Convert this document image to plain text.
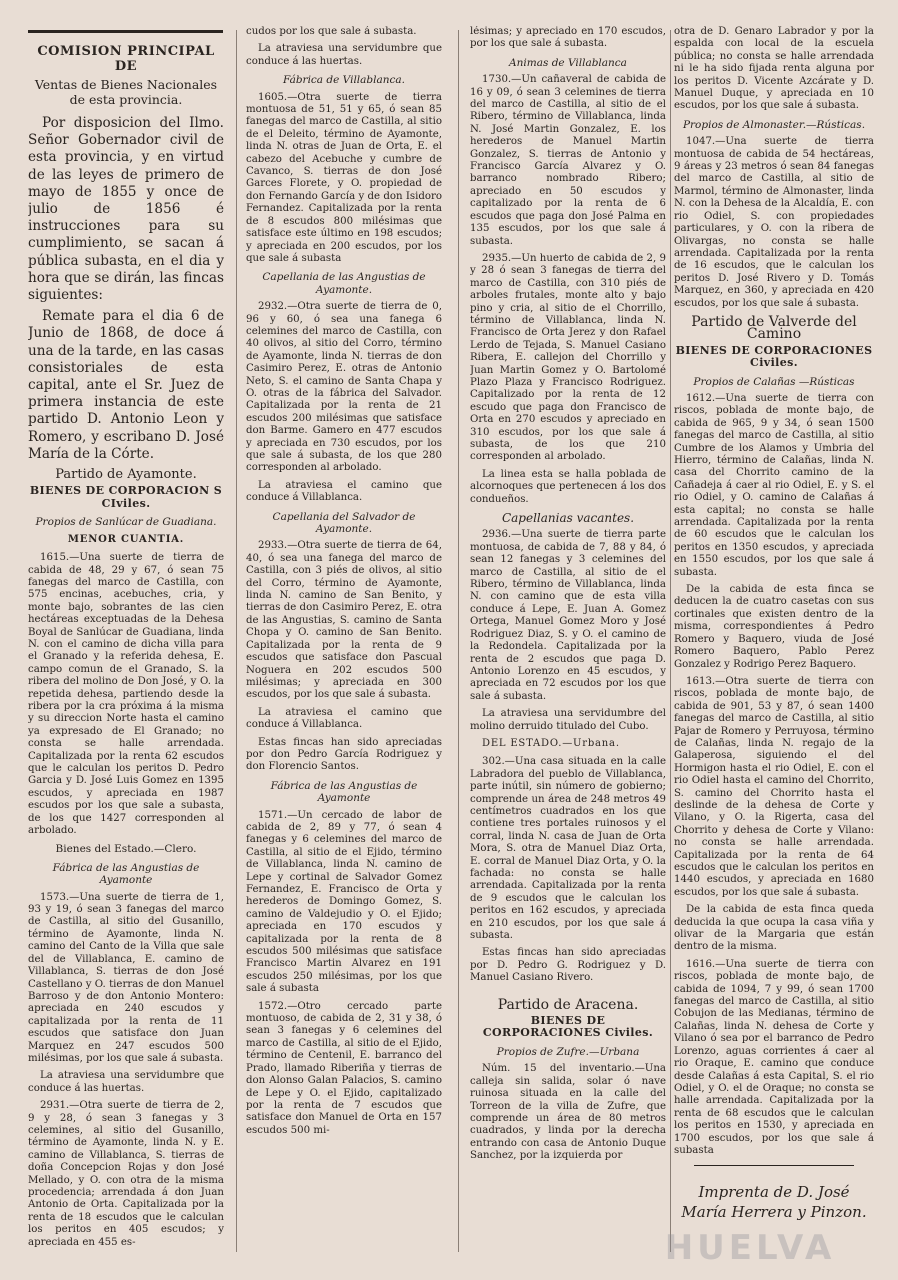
COMISION PRINCIPAL DE
Ventas de Bienes Nacionales de esta provincia.

Por disposicion del Ilmo. Señor Gobernador civil de esta provincia, y en virtud de las leyes de primero de mayo de 1855 y once de julio de 1856 é instrucciones para su cumplimiento, se sacan á pública subasta, en el dia y hora que se dirán, las fincas siguientes:

Remate para el dia 6 de Junio de 1868, de doce á una de la tarde, en las casas consistoriales de esta capital, ante el Sr. Juez de primera instancia de este partido D. Antonio Leon y Romero, y escribano D. José María de la Córte.

Partido de Ayamonte.
BIENES DE CORPORACION S CIviles.
Propios de Sanlúcar de Guadiana.
MENOR CUANTIA.

1615.—Una suerte de tierra de cabida de 48, 29 y 67, ó sean 75 fanegas del marco de Castilla, con 575 encinas, acebuches, cria, y monte bajo, sobrantes de las cien hectáreas exceptuadas de la Dehesa Boyal de Sanlúcar de Guadiana, linda N. con el camino de dicha villa para el Granado y la referida dehesa, E. campo comun de el Granado, S. la ribera del molino de Don José, y O. la repetida dehesa, partiendo desde la ribera por la cra próxima á la misma y su direccion Norte hasta el camino ya expresado de El Granado; no consta se halle arrendada. Capitalizada por la renta 62 escudos que le calculan los peritos D. Pedro Garcia y D. José Luis Gomez en 1395 escudos, y apreciada en 1987 escudos por los que sale a subasta, de los que 1427 corresponden al arbolado.

Bienes del Estado.—Clero.
Fábrica de las Angustias de Ayamonte

1573.—Una suerte de tierra de 1, 93 y 19, ó sean 3 fanegas del marco de Castilla, al sitio del Gusanillo, término de Ayamonte, linda N. camino del Canto de la Villa que sale del de Villablanca, E. camino de Villablanca, S. tierras de don José Castellano y O. tierras de don Manuel Barroso y de don Antonio Montero: apreciada en 240 escudos y capitalizada por la renta de 11 escudos que satisface don Juan Marquez en 247 escudos 500 milésimas, por los que sale á subasta.

La atraviesa una servidumbre que conduce á las huertas.

2931.—Otra suerte de tierra de 2, 9 y 28, ó sean 3 fanegas y 3 celemines, al sitio del Gusanillo, término de Ayamonte, linda N. y E. camino de Villablanca, S. tierras de doña Concepcion Rojas y don José Mellado, y O. con otra de la misma procedencia; arrendada á don Juan Antonio de Orta. Capitalizada por la renta de 18 escudos que le calculan los peritos en 405 escudos; y apreciada en 455 es-

cudos por los que sale á subasta.

La atraviesa una servidumbre que conduce á las huertas.

Fábrica de Villablanca.

1605.—Otra suerte de tierra montuosa de 51, 51 y 65, ó sean 85 fanegas del marco de Castilla, al sitio de el Deleito, término de Ayamonte, linda N. otras de Juan de Orta, E. el cabezo del Acebuche y cumbre de Cavanco, S. tierras de don José Garces Florete, y O. propiedad de don Fernando García y de don Isidoro Fernandez. Capitalizada por la renta de 8 escudos 800 milésimas que satisface este último en 198 escudos; y apreciada en 200 escudos, por los que sale á subasta

Capellania de las Angustias de Ayamonte.

2932.—Otra suerte de tierra de 0, 96 y 60, ó sea una fanega 6 celemines del marco de Castilla, con 40 olivos, al sitio del Corro, término de Ayamonte, linda N. tierras de don Casimiro Perez, E. otras de Antonio Neto, S. el camino de Santa Chapa y O. otras de la fábrica del Salvador. Capitalizada por la renta de 21 escudos 200 milésimas que satisface don Barme. Gamero en 477 escudos y apreciada en 730 escudos, por los que sale á subasta, de los que 280 corresponden al arbolado.

La atraviesa el camino que conduce á Villablanca.

Capellania del Salvador de Ayamonte.

2933.—Otra suerte de tierra de 64, 40, ó sea una fanega del marco de Castilla, con 3 piés de olivos, al sitio del Corro, término de Ayamonte, linda N. camino de San Benito, y tierras de don Casimiro Perez, E. otra de las Angustias, S. camino de Santa Chopa y O. camino de San Benito. Capitalizada por la renta de 9 escudos que satisface don Pascual Noguera en 202 escudos 500 milésimas; y apreciada en 300 escudos, por los que sale á subasta.

La atraviesa el camino que conduce á Villablanca.

Estas fincas han sido apreciadas por don Pedro García Rodriguez y don Florencio Santos.

Fábrica de las Angustias de Ayamonte

1571.—Un cercado de labor de cabida de 2, 89 y 77, ó sean 4 fanegas y 6 celemines del marco de Castilla, al sitio de el Ejido, término de Villablanca, linda N. camino de Lepe y cortinal de Salvador Gomez Fernandez, E. Francisco de Orta y herederos de Domingo Gomez, S. camino de Valdejudio y O. el Ejido; apreciada en 170 escudos y capitalizada por la renta de 8 escudos 500 milésimas que satisface Francisco Martin Alvarez en 191 escudos 250 milésimas, por los que sale á subasta

1572.—Otro cercado parte montuoso, de cabida de 2, 31 y 38, ó sean 3 fanegas y 6 celemines del marco de Castilla, al sitio de el Ejido, término de Centenil, E. barranco del Prado, llamado Riberiña y tierras de don Alonso Galan Palacios, S. camino de Lepe y O. el Ejido, capitalizado por la renta de 7 escudos que satisface don Manuel de Orta en 157 escudos 500 mi-

lésimas; y apreciado en 170 escudos, por los que sale á subasta.

Animas de Villablanca

1730.—Un cañaveral de cabida de 16 y 09, ó sean 3 celemines de tierra del marco de Castilla, al sitio de el Ribero, término de Villablanca, linda N. José Martin Gonzalez, E. los herederos de Manuel Martin Gonzalez, S. tierras de Antonio y Francisco García Alvarez y O. barranco nombrado Ribero; apreciado en 50 escudos y capitalizado por la renta de 6 escudos que paga don José Palma en 135 escudos, por los que sale á subasta.

2935.—Un huerto de cabida de 2, 9 y 28 ó sean 3 fanegas de tierra del marco de Castilla, con 310 piés de arboles frutales, monte alto y bajo pino y cria, al sitio de el Chorrillo, término de Villablanca, linda N. Francisco de Orta Jerez y don Rafael Lerdo de Tejada, S. Manuel Casiano Ribera, E. callejon del Chorrillo y Juan Martin Gomez y O. Bartolomé Plazo Plaza y Francisco Rodriguez. Capitalizado por la renta de 12 escudo que paga don Francisco de Orta en 270 escudos y apreciado en 310 escudos, por los que sale á subasta, de los que 210 corresponden al arbolado.

La linea esta se halla poblada de alcornoques que pertenecen á los dos condueños.

Capellanias vacantes.

2936.—Una suerte de tierra parte montuosa, de cabida de 7, 88 y 84, ó sean 12 fanegas y 3 celemines del marco de Castilla, al sitio de el Ribero, término de Villablanca, linda N. con camino que de esta villa conduce á Lepe, E. Juan A. Gomez Ortega, Manuel Gomez Moro y José Rodriguez Diaz, S. y O. el camino de la Redondela. Capitalizada por la renta de 2 escudos que paga D. Antonio Lorenzo en 45 escudos, y apreciada en 72 escudos por los que sale á subasta.

La atraviesa una servidumbre del molino derruido titulado del Cubo.

DEL ESTADO.—Urbana.

302.—Una casa situada en la calle Labradora del pueblo de Villablanca, parte inútil, sin número de gobierno; comprende un área de 248 metros 49 centímetros cuadrados en los que contiene tres portales ruinosos y el corral, linda N. casa de Juan de Orta Mora, S. otra de Manuel Diaz Orta, E. corral de Manuel Diaz Orta, y O. la fachada: no consta se halle arrendada. Capitalizada por la renta de 9 escudos que le calculan los peritos en 162 escudos, y apreciada en 210 escudos, por los que sale á subasta.

Estas fincas han sido apreciadas por D. Pedro G. Rodriguez y D. Manuel Casiano Rivero.

Partido de Aracena.
BIENES DE CORPORACIONES Civiles.
Propios de Zufre.—Urbana

Núm. 15 del inventario.—Una calleja sin salida, solar ó nave ruinosa situada en la calle del Torreon de la villa de Zufre, que comprende un área de 80 metros cuadrados, y linda por la derecha entrando con casa de Antonio Duque Sanchez, por la izquierda por

otra de D. Genaro Labrador y por la espalda con local de la escuela pública; no consta se halle arrendada ni le ha sido fijada renta alguna por los peritos D. Vicente Azcárate y D. Manuel Duque, y apreciada en 10 escudos, por los que sale á subasta.

Propios de Almonaster.—Rústicas.

1047.—Una suerte de tierra montuosa de cabida de 54 hectáreas, 9 áreas y 23 metros ó sean 84 fanegas del marco de Castilla, al sitio de Marmol, término de Almonaster, linda N. con la Dehesa de la Alcaldía, E. con rio Odiel, S. con propiedades particulares, y O. con la ribera de Olivargas, no consta se halle arrendada. Capitalizada por la renta de 16 escudos, que le calculan los peritos D. José Rivero y D. Tomás Marquez, en 360, y apreciada en 420 escudos, por los que sale á subasta.

Partido de Valverde del Camino
BIENES DE CORPORACIONES Civiles.
Propios de Calañas —Rústicas

1612.—Una suerte de tierra con riscos, poblada de monte bajo, de cabida de 965, 9 y 34, ó sean 1500 fanegas del marco de Castilla, al sitio Cumbre de los Alamos y Umbria del Hierro, término de Calañas, linda N. casa del Chorrito camino de la Cañadeja á caer al rio Odiel, E. y S. el rio Odiel, y O. camino de Calañas á esta capital; no consta se halle arrendada. Capitalizada por la renta de 60 escudos que le calculan los peritos en 1350 escudos, y apreciada en 1550 escudos, por los que sale á subasta.

De la cabida de esta finca se deducen la de cuatro casetas con sus cortinales que existen dentro de la misma, correspondientes á Pedro Romero y Baquero, viuda de José Romero Baquero, Pablo Perez Gonzalez y Rodrigo Perez Baquero.

1613.—Otra suerte de tierra con riscos, poblada de monte bajo, de cabida de 901, 53 y 87, ó sean 1400 fanegas del marco de Castilla, al sitio Pajar de Romero y Perruyosa, término de Calañas, linda N. regajo de la Galaperosa, siguiendo el del Hormigon hasta el rio Odiel, E. con el rio Odiel hasta el camino del Chorrito, S. camino del Chorrito hasta el deslinde de la dehesa de Corte y Vilano, y O. la Rigerta, casa del Chorrito y dehesa de Corte y Vilano: no consta se halle arrendada. Capitalizada por la renta de 64 escudos que le calculan los peritos en 1440 escudos, y apreciada en 1680 escudos, por los que sale á subasta.

De la cabida de esta finca queda deducida la que ocupa la casa viña y olivar de la Margaria que están dentro de la misma.

1616.—Una suerte de tierra con riscos, poblada de monte bajo, de cabida de 1094, 7 y 99, ó sean 1700 fanegas del marco de Castilla, al sitio Cobujon de las Medianas, término de Calañas, linda N. dehesa de Corte y Vilano ó sea por el barranco de Pedro Lorenzo, aguas corrientes á caer al rio Oraque, E. camino que conduce desde Calañas á esta Capital, S. el rio Odiel, y O. el de Oraque; no consta se halle arrendada. Capitalizada por la renta de 68 escudos que le calculan los peritos en 1530, y apreciada en 1700 escudos, por los que sale á subasta

Imprenta de D. José María Herrera y Pinzon.
HUELVA
